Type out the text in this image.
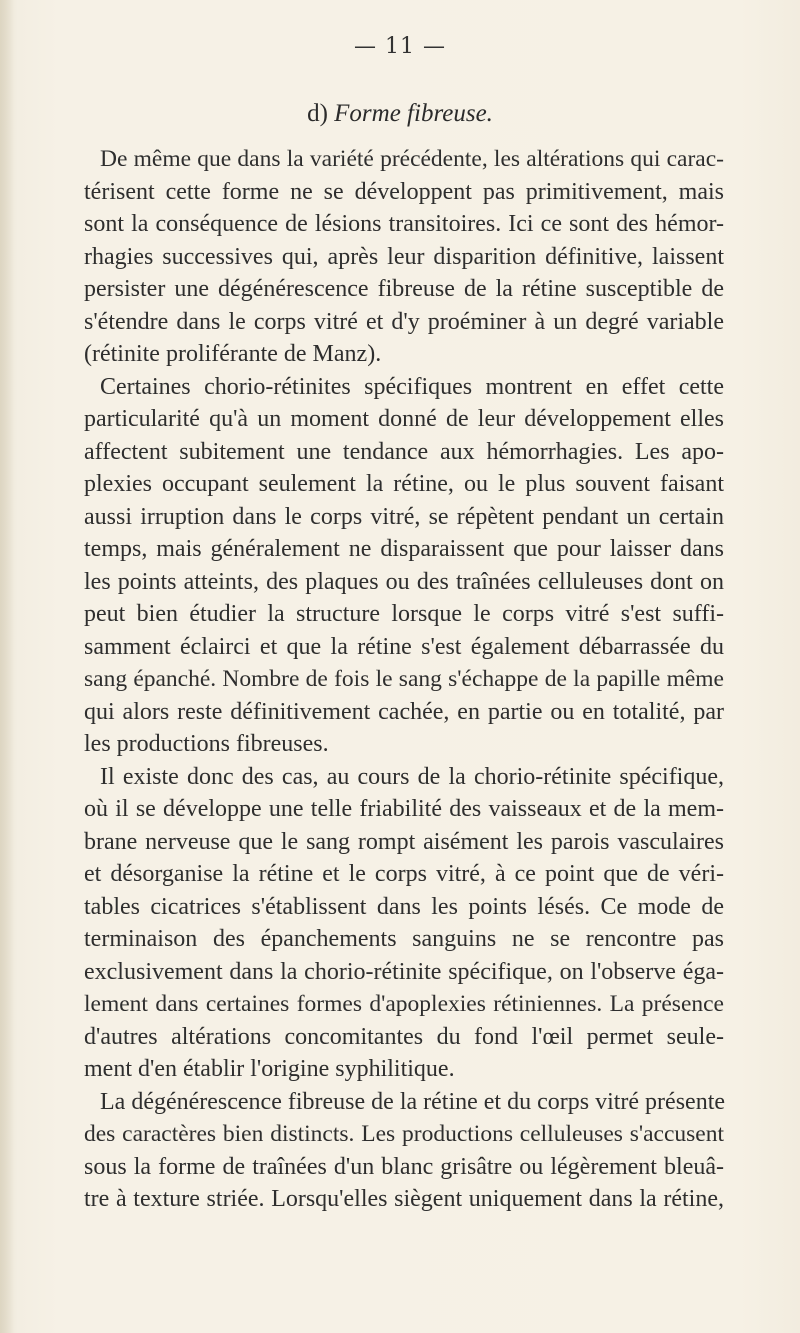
— 11 —
d) Forme fibreuse.
De même que dans la variété précédente, les altérations qui carac-
térisent cette forme ne se développent pas primitivement, mais
sont la conséquence de lésions transitoires. Ici ce sont des hémor-
rhagies successives qui, après leur disparition définitive, laissent
persister une dégénérescence fibreuse de la rétine susceptible de
s'étendre dans le corps vitré et d'y proéminer à un degré variable
(rétinite proliférante de Manz).
Certaines chorio-rétinites spécifiques montrent en effet cette
particularité qu'à un moment donné de leur développement elles
affectent subitement une tendance aux hémorrhagies. Les apo-
plexies occupant seulement la rétine, ou le plus souvent faisant
aussi irruption dans le corps vitré, se répètent pendant un certain
temps, mais généralement ne disparaissent que pour laisser dans
les points atteints, des plaques ou des traînées celluleuses dont on
peut bien étudier la structure lorsque le corps vitré s'est suffi-
samment éclairci et que la rétine s'est également débarrassée du
sang épanché. Nombre de fois le sang s'échappe de la papille même
qui alors reste définitivement cachée, en partie ou en totalité, par
les productions fibreuses.
Il existe donc des cas, au cours de la chorio-rétinite spécifique,
où il se développe une telle friabilité des vaisseaux et de la mem-
brane nerveuse que le sang rompt aisément les parois vasculaires
et désorganise la rétine et le corps vitré, à ce point que de véri-
tables cicatrices s'établissent dans les points lésés. Ce mode de
terminaison des épanchements sanguins ne se rencontre pas
exclusivement dans la chorio-rétinite spécifique, on l'observe éga-
lement dans certaines formes d'apoplexies rétiniennes. La présence
d'autres altérations concomitantes du fond l'œil permet seule-
ment d'en établir l'origine syphilitique.
La dégénérescence fibreuse de la rétine et du corps vitré présente
des caractères bien distincts. Les productions celluleuses s'accusent
sous la forme de traînées d'un blanc grisâtre ou légèrement bleuâ-
tre à texture striée. Lorsqu'elles siègent uniquement dans la rétine,
